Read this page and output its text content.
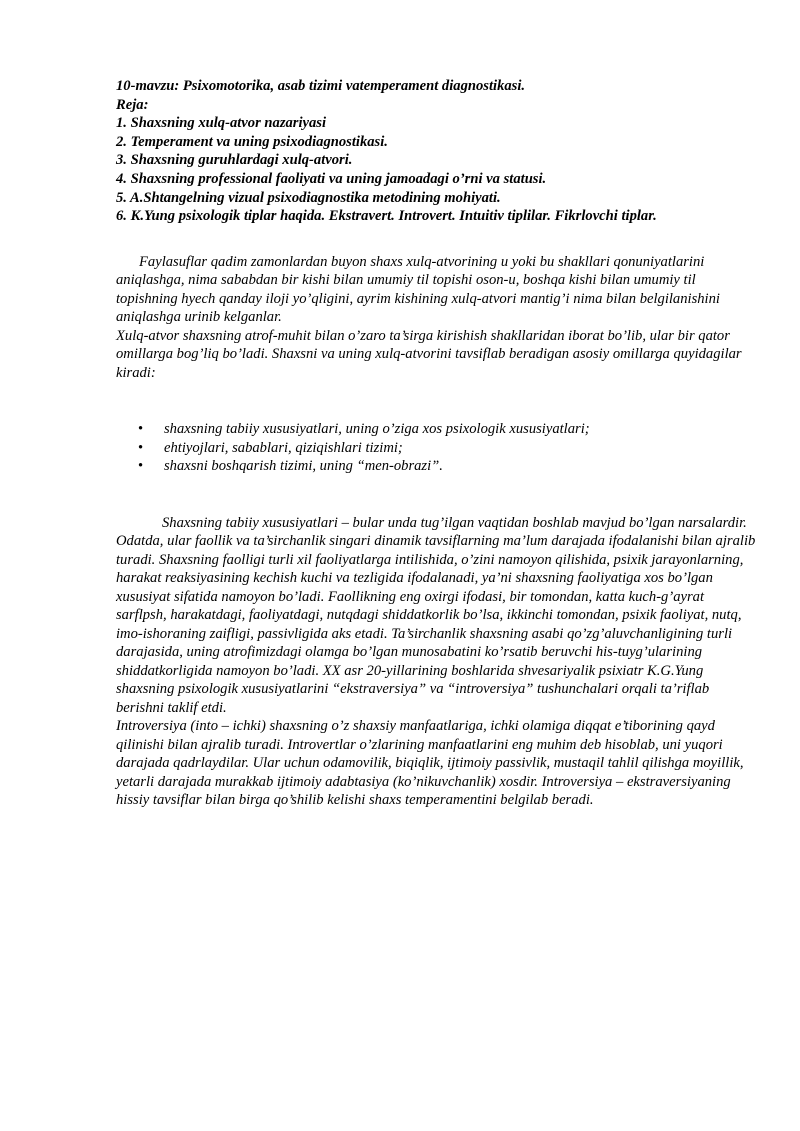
10-mavzu: Psixomotorika, asab tizimi vatemperament diagnostikasi.
Reja:
1. Shaxsning xulq-atvor nazariyasi
2. Temperament va uning psixodiagnostikasi.
3. Shaxsning guruhlardagi xulq-atvori.
4. Shaxsning professional faoliyati va uning jamoadagi o’rni va statusi.
5. A.Shtangelning vizual psixodiagnostika metodining mohiyati.
6. K.Yung psixologik tiplar haqida. Ekstravert. Introvert. Intuitiv tiplilar. Fikrlovchi tiplar.

Faylasuflar qadim zamonlardan buyon shaxs xulq-atvorining u yoki bu shakllari qonuniyatlarini aniqlashga, nima sababdan bir kishi bilan umumiy til topishi oson-u, boshqa kishi bilan umumiy til topishning hyech qanday iloji yo’qligini, ayrim kishining xulq-atvori mantig’i nima bilan belgilanishini aniqlashga urinib kelganlar.

Xulq-atvor shaxsning atrof-muhit bilan o’zaro ta’sirga kirishish shakllaridan iborat bo’lib, ular bir qator omillarga bog’liq bo’ladi. Shaxsni va uning xulq-atvorini tavsiflab beradigan asosiy omillarga quyidagilar kiradi:

• shaxsning tabiiy xususiyatlari, uning o’ziga xos psixologik xususiyatlari;
• ehtiyojlari, sabablari, qiziqishlari tizimi;
• shaxsni boshqarish tizimi, uning “men-obrazi”.

Shaxsning tabiiy xususiyatlari – bular unda tug’ilgan vaqtidan boshlab mavjud bo’lgan narsalardir. Odatda, ular faollik va ta’sirchanlik singari dinamik tavsiflarning ma’lum darajada ifodalanishi bilan ajralib turadi. Shaxsning faolligi turli xil faoliyatlarga intilishida, o’zini namoyon qilishida, psixik jarayonlarning, harakat reaksiyasining kechish kuchi va tezligida ifodalanadi, ya’ni shaxsning faoliyatiga xos bo’lgan xususiyat sifatida namoyon bo’ladi. Faollikning eng oxirgi ifodasi, bir tomondan, katta kuch-g’ayrat sarflpsh, harakatdagi, faoliyatdagi, nutqdagi shiddatkorlik bo’lsa, ikkinchi tomondan, psixik faoliyat, nutq, imo-ishoraning zaifligi, passivligida aks etadi. Ta’sirchanlik shaxsning asabi qo’zg’aluvchanligining turli darajasida, uning atrofimizdagi olamga bo’lgan munosabatini ko’rsatib beruvchi his-tuyg’ularining shiddatkorligida namoyon bo’ladi. XX asr 20-yillarining boshlarida shvesariyalik psixiatr K.G.Yung shaxsning psixologik xususiyatlarini “ekstraversiya” va “introversiya” tushunchalari orqali ta’riflab berishni taklif etdi.

Introversiya (into – ichki) shaxsning o’z shaxsiy manfaatlariga, ichki olamiga diqqat e’tiborining qayd qilinishi bilan ajralib turadi. Introvertlar o’zlarining manfaatlarini eng muhim deb hisoblab, uni yuqori darajada qadrlaydilar. Ular uchun odamovilik, biqiqlik, ijtimoiy passivlik, mustaqil tahlil qilishga moyillik, yetarli darajada murakkab ijtimoiy adabtasiya (ko’nikuvchanlik) xosdir. Introversiya – ekstraversiyaning hissiy tavsiflar bilan birga qo’shilib kelishi shaxs temperamentini belgilab beradi.
